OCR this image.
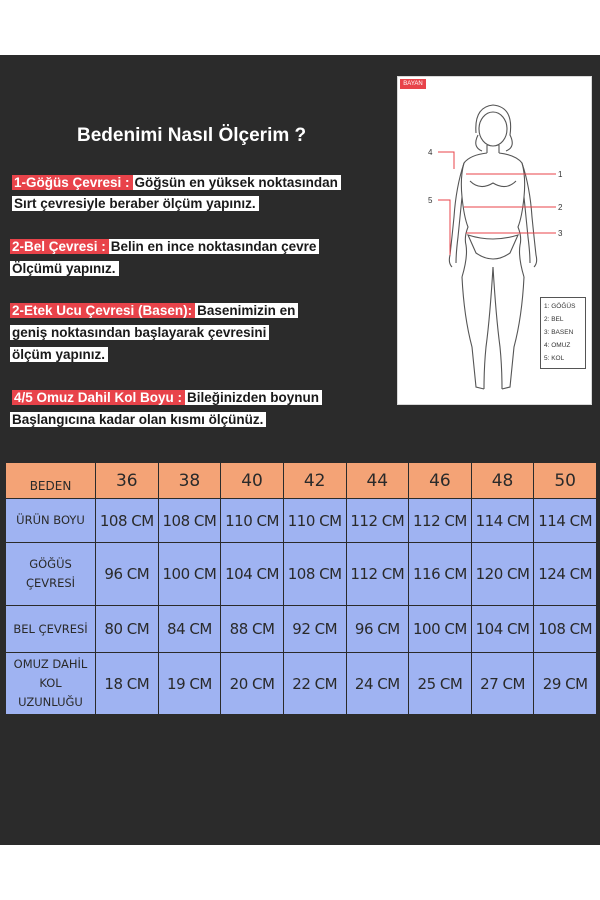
Bedenimi Nasıl Ölçerim ?
1-Göğüs Çevresi : Göğsün en yüksek noktasından
Sırt çevresiyle beraber ölçüm yapınız.
2-Bel Çevresi : Belin en ince noktasından çevre
Ölçümü yapınız.
2-Etek Ucu Çevresi (Basen): Basenimizin en
geniş noktasından başlayarak çevresini
ölçüm yapınız.
4/5 Omuz Dahil Kol Boyu : Bileğinizden boynun
Başlangıcına kadar olan kısmı ölçünüz.
BAYAN
1
2
3
4
5
1: GÖĞÜS
2: BEL
3: BASEN
4: OMUZ
5: KOL
BEDEN	36	38	40	42	44	46	48	50
ÜRÜN BOYU	108 CM	108 CM	110 CM	110 CM	112 CM	112 CM	114 CM	114 CM
GÖĞÜS
ÇEVRESİ	96 CM	100 CM	104 CM	108 CM	112 CM	116 CM	120 CM	124 CM
BEL ÇEVRESİ	80 CM	84 CM	88 CM	92 CM	96 CM	100 CM	104 CM	108 CM
OMUZ DAHİL
KOL UZUNLUĞU	18 CM	19 CM	20 CM	22 CM	24 CM	25 CM	27 CM	29 CM
